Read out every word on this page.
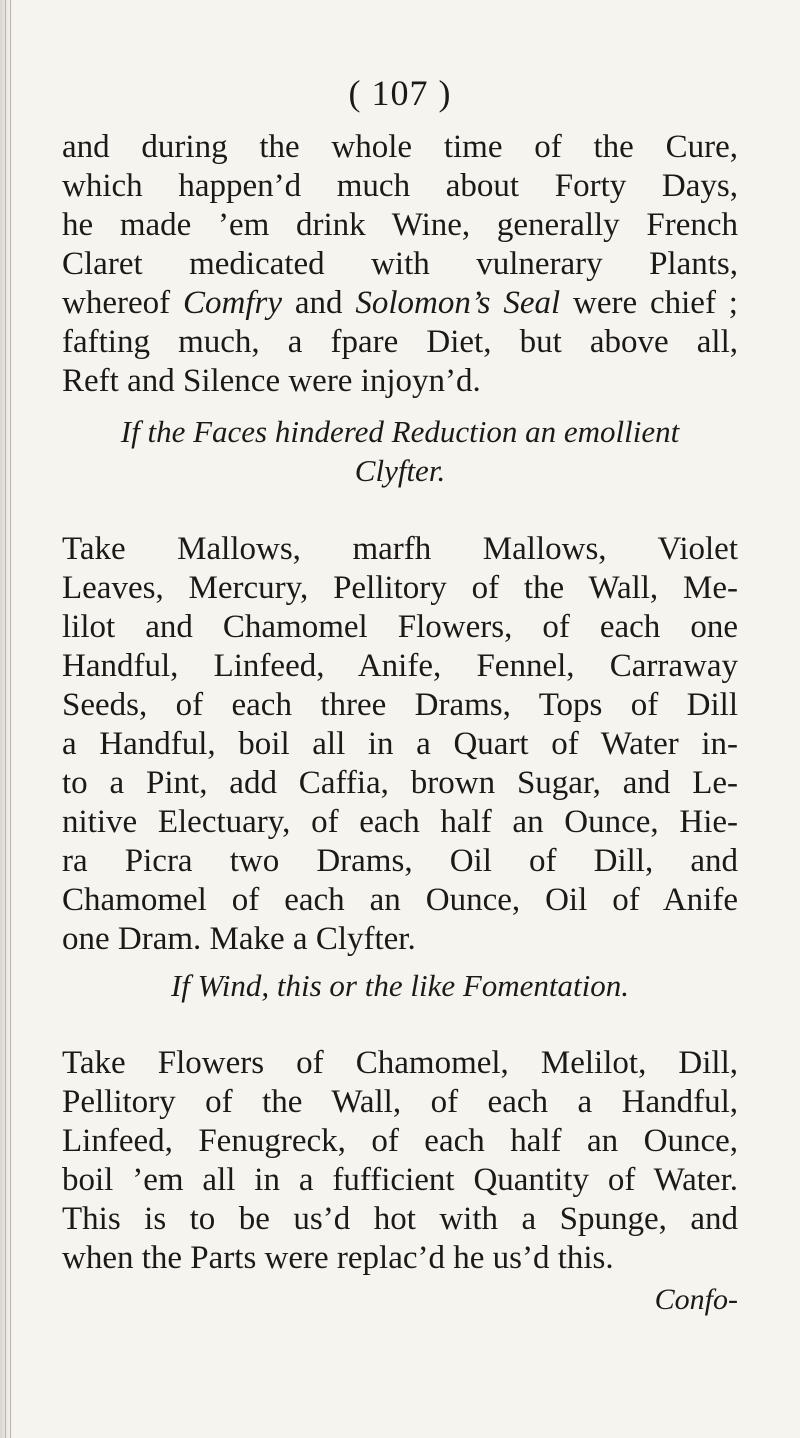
( 107 )
and during the whole time of the Cure,
which happen’d much about Forty Days,
he made ’em drink Wine, generally French
Claret medicated with vulnerary Plants,
whereof Comfry and Solomon’s Seal were chief ;
fafting much, a fpare Diet, but above all,
Reft and Silence were injoyn’d.
If the Faces hindered Reduction an emollient
Clyfter.
Take Mallows, marfh Mallows, Violet
Leaves, Mercury, Pellitory of the Wall, Me-
lilot and Chamomel Flowers, of each one
Handful, Linfeed, Anife, Fennel, Carraway
Seeds, of each three Drams, Tops of Dill
a Handful, boil all in a Quart of Water in-
to a Pint, add Caffia, brown Sugar, and Le-
nitive Electuary, of each half an Ounce, Hie-
ra Picra two Drams, Oil of Dill, and
Chamomel of each an Ounce, Oil of Anife
one Dram. Make a Clyfter.
If Wind, this or the like Fomentation.
Take Flowers of Chamomel, Melilot, Dill,
Pellitory of the Wall, of each a Handful,
Linfeed, Fenugreck, of each half an Ounce,
boil ’em all in a fufficient Quantity of Water.
This is to be us’d hot with a Spunge, and
when the Parts were replac’d he us’d this.
Confo-
